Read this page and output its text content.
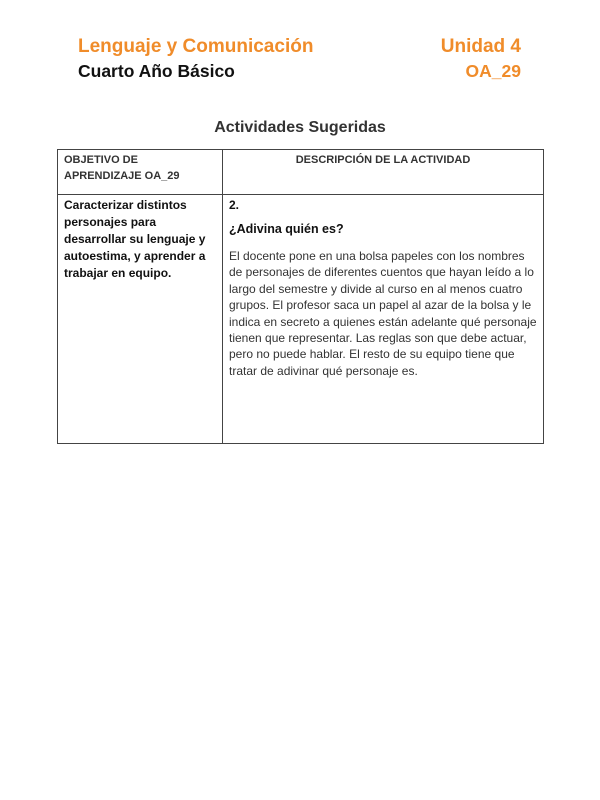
Lenguaje y Comunicación
Cuarto Año Básico
Unidad 4
OA_29
Actividades Sugeridas
OBJETIVO DE APRENDIZAJE OA_29	DESCRIPCIÓN DE LA ACTIVIDAD

Caracterizar distintos personajes para desarrollar su lenguaje y autoestima, y aprender a trabajar en equipo.	2.
¿Adivina quién es?
El docente pone en una bolsa papeles con los nombres de personajes de diferentes cuentos que hayan leído a lo largo del semestre y divide al curso en al menos cuatro grupos. El profesor saca un papel al azar de la bolsa y le indica en secreto a quienes están adelante qué personaje tienen que representar. Las reglas son que debe actuar, pero no puede hablar. El resto de su equipo tiene que tratar de adivinar qué personaje es.
